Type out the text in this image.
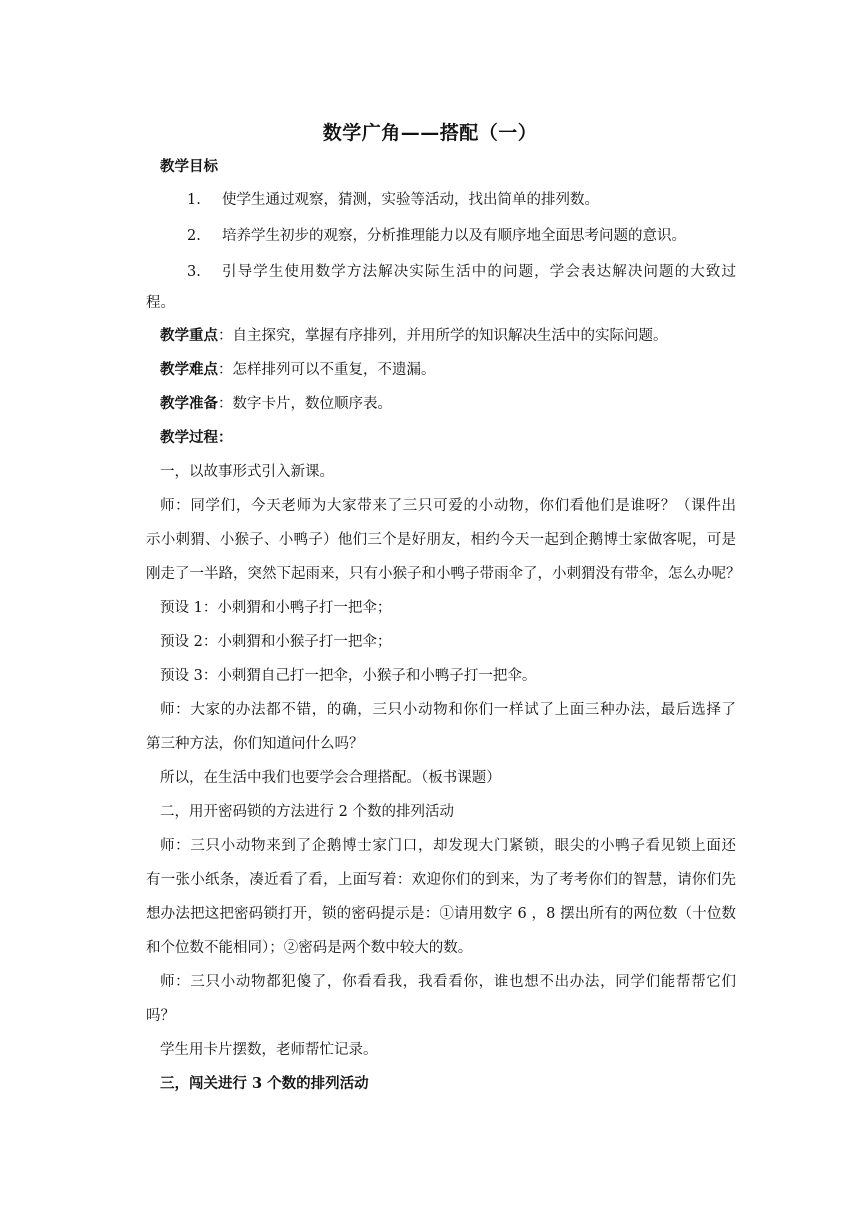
数学广角——搭配（一）
教学目标
1. 使学生通过观察，猜测，实验等活动，找出简单的排列数。
2. 培养学生初步的观察，分析推理能力以及有顺序地全面思考问题的意识。
3. 引导学生使用数学方法解决实际生活中的问题，学会表达解决问题的大致过
程。
教学重点：自主探究，掌握有序排列，并用所学的知识解决生活中的实际问题。
教学难点：怎样排列可以不重复，不遗漏。
教学准备：数字卡片，数位顺序表。
教学过程：
一，以故事形式引入新课。
师：同学们，今天老师为大家带来了三只可爱的小动物，你们看他们是谁呀？（课件出
示小刺猬、小猴子、小鸭子）他们三个是好朋友，相约今天一起到企鹅博士家做客呢，可是
刚走了一半路，突然下起雨来，只有小猴子和小鸭子带雨伞了，小刺猬没有带伞，怎么办呢？
预设 1：小刺猬和小鸭子打一把伞；
预设 2：小刺猬和小猴子打一把伞；
预设 3：小刺猬自己打一把伞，小猴子和小鸭子打一把伞。
师：大家的办法都不错，的确，三只小动物和你们一样试了上面三种办法，最后选择了
第三种方法，你们知道问什么吗？
所以，在生活中我们也要学会合理搭配。（板书课题）
二，用开密码锁的方法进行 2 个数的排列活动
师：三只小动物来到了企鹅博士家门口，却发现大门紧锁，眼尖的小鸭子看见锁上面还
有一张小纸条，凑近看了看，上面写着：欢迎你们的到来，为了考考你们的智慧，请你们先
想办法把这把密码锁打开，锁的密码提示是：①请用数字 6 ，8 摆出所有的两位数（十位数
和个位数不能相同）；②密码是两个数中较大的数。
师：三只小动物都犯傻了，你看看我，我看看你，谁也想不出办法，同学们能帮帮它们
吗？
学生用卡片摆数，老师帮忙记录。
三，闯关进行 3 个数的排列活动
